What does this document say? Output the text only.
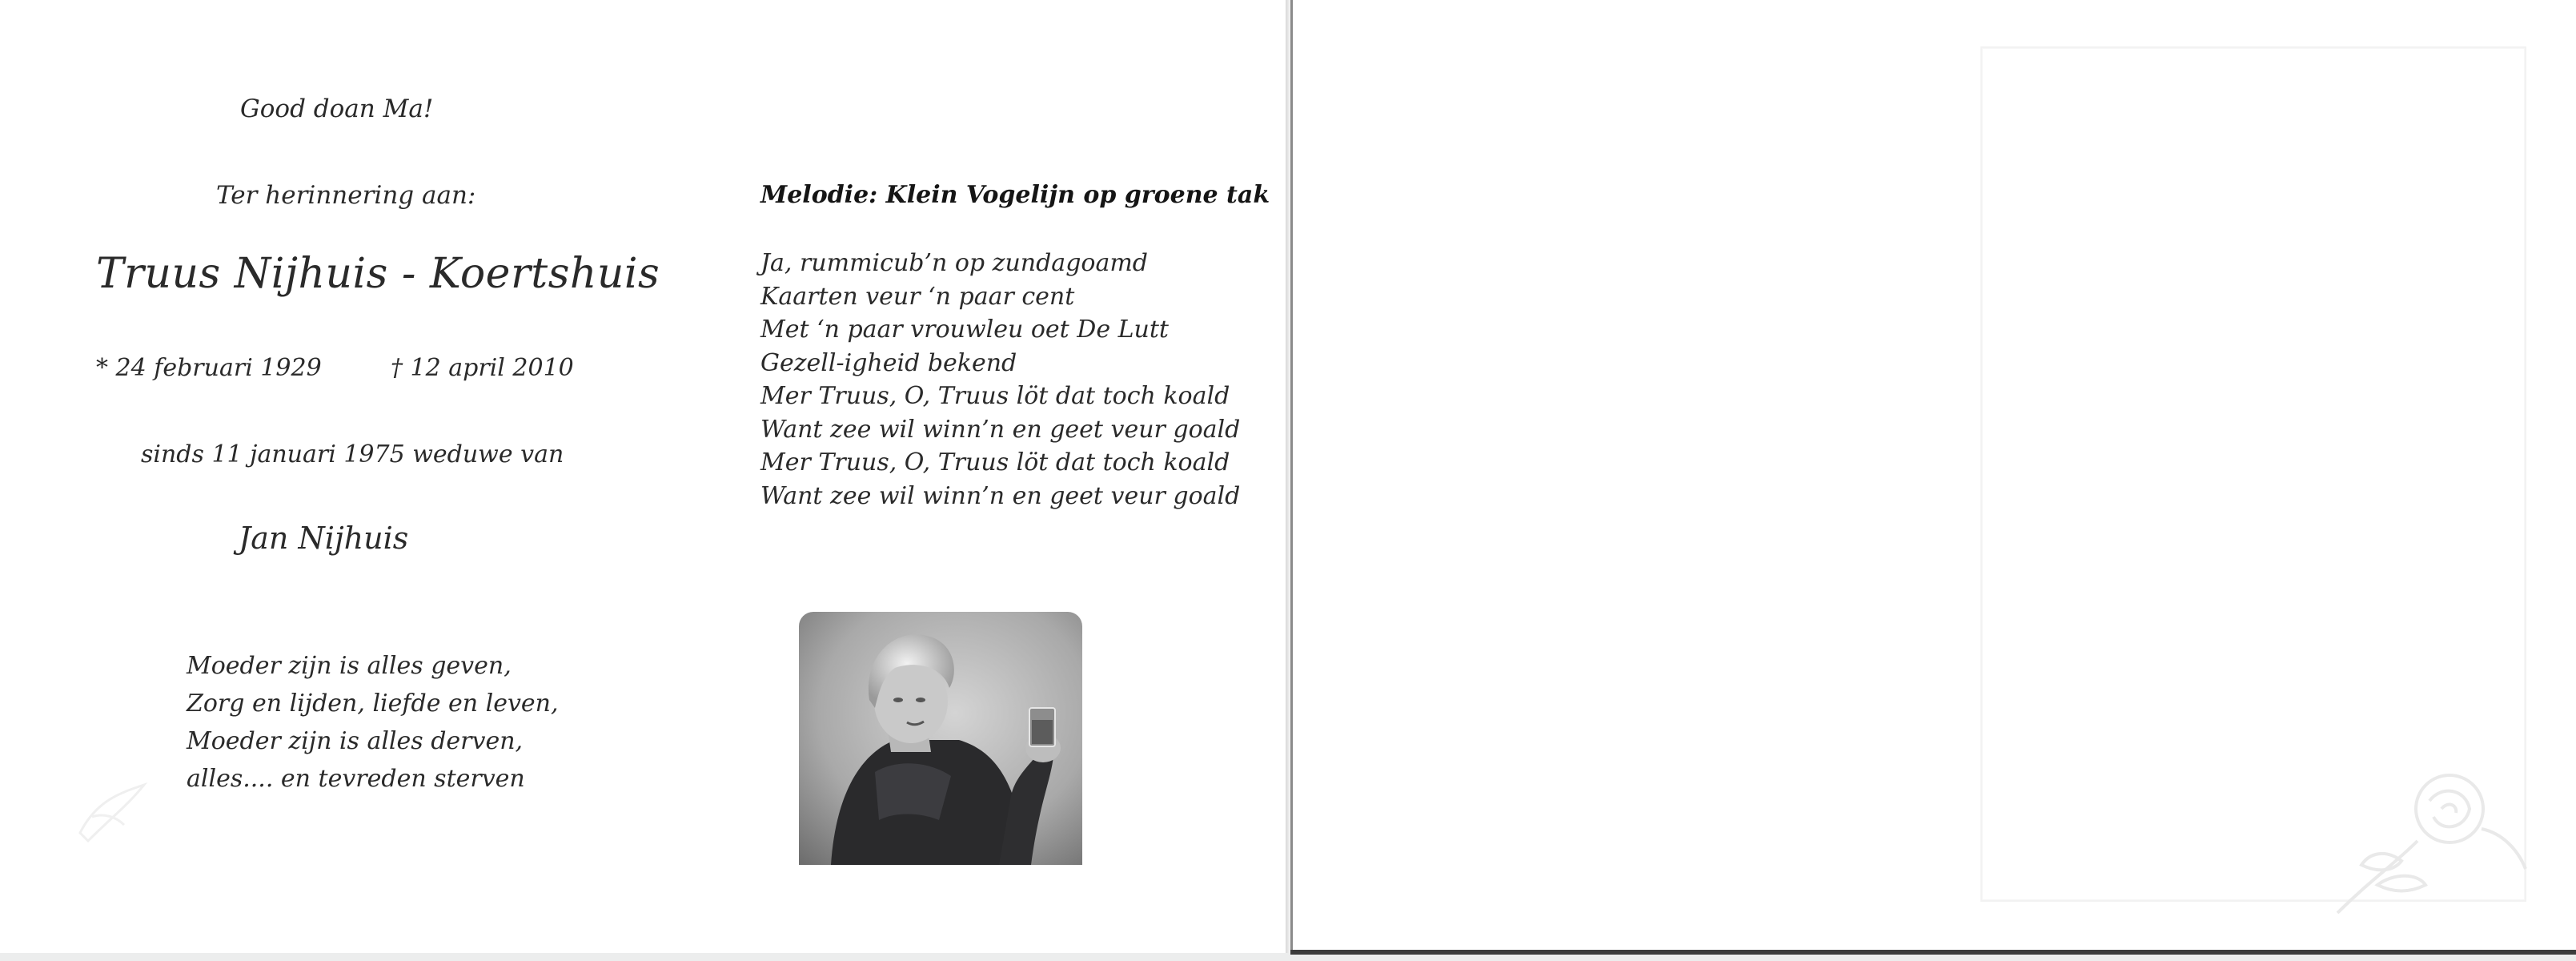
Good doan Ma!
Ter herinnering aan:
Truus Nijhuis - Koertshuis
* 24 februari 1929	† 12 april 2010
sinds 11 januari 1975 weduwe van
Jan Nijhuis
Moeder zijn is alles geven,
Zorg en lijden, liefde en leven,
Moeder zijn is alles derven,
alles.... en tevreden sterven
Melodie: Klein Vogelijn op groene tak
Ja, rummicub’n op zundagoamd
Kaarten veur ‘n paar cent
Met ‘n paar vrouwleu oet De Lutt
Gezell-igheid bekend
Mer Truus, O, Truus löt dat toch koald
Want zee wil winn’n en geet veur goald
Mer Truus, O, Truus löt dat toch koald
Want zee wil winn’n en geet veur goald
